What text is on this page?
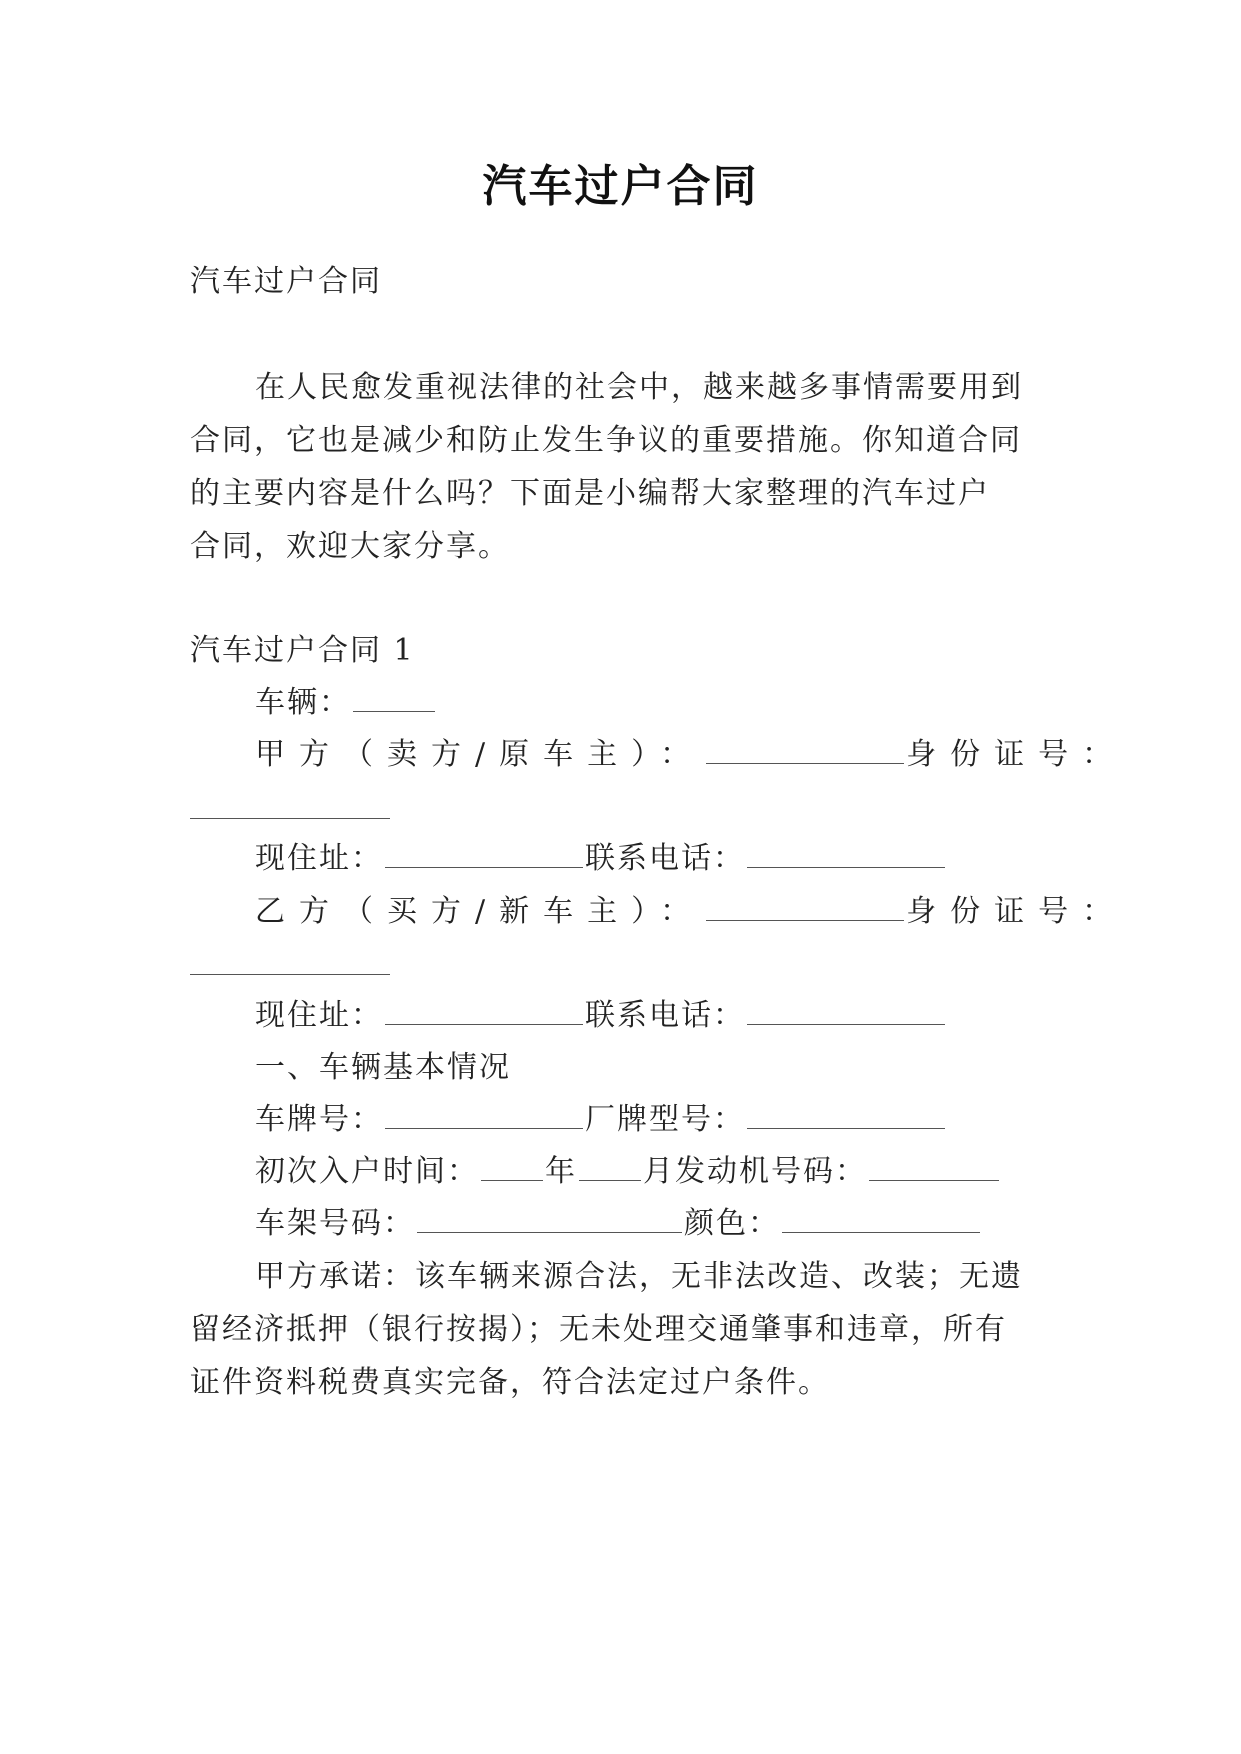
汽车过户合同
汽车过户合同
在人民愈发重视法律的社会中，越来越多事情需要用到
合同，它也是减少和防止发生争议的重要措施。你知道合同
的主要内容是什么吗？下面是小编帮大家整理的汽车过户
合同，欢迎大家分享。
汽车过户合同 1
车辆：
甲方（卖方/原车主）：	身份证号：
现住址：	联系电话：
乙方（买方/新车主）：	身份证号：
现住址：	联系电话：
一、车辆基本情况
车牌号：	厂牌型号：
初次入户时间： 年 月发动机号码：
车架号码：	颜色：
甲方承诺：该车辆来源合法，无非法改造、改装；无遗
留经济抵押（银行按揭）；无未处理交通肇事和违章，所有
证件资料税费真实完备，符合法定过户条件。
